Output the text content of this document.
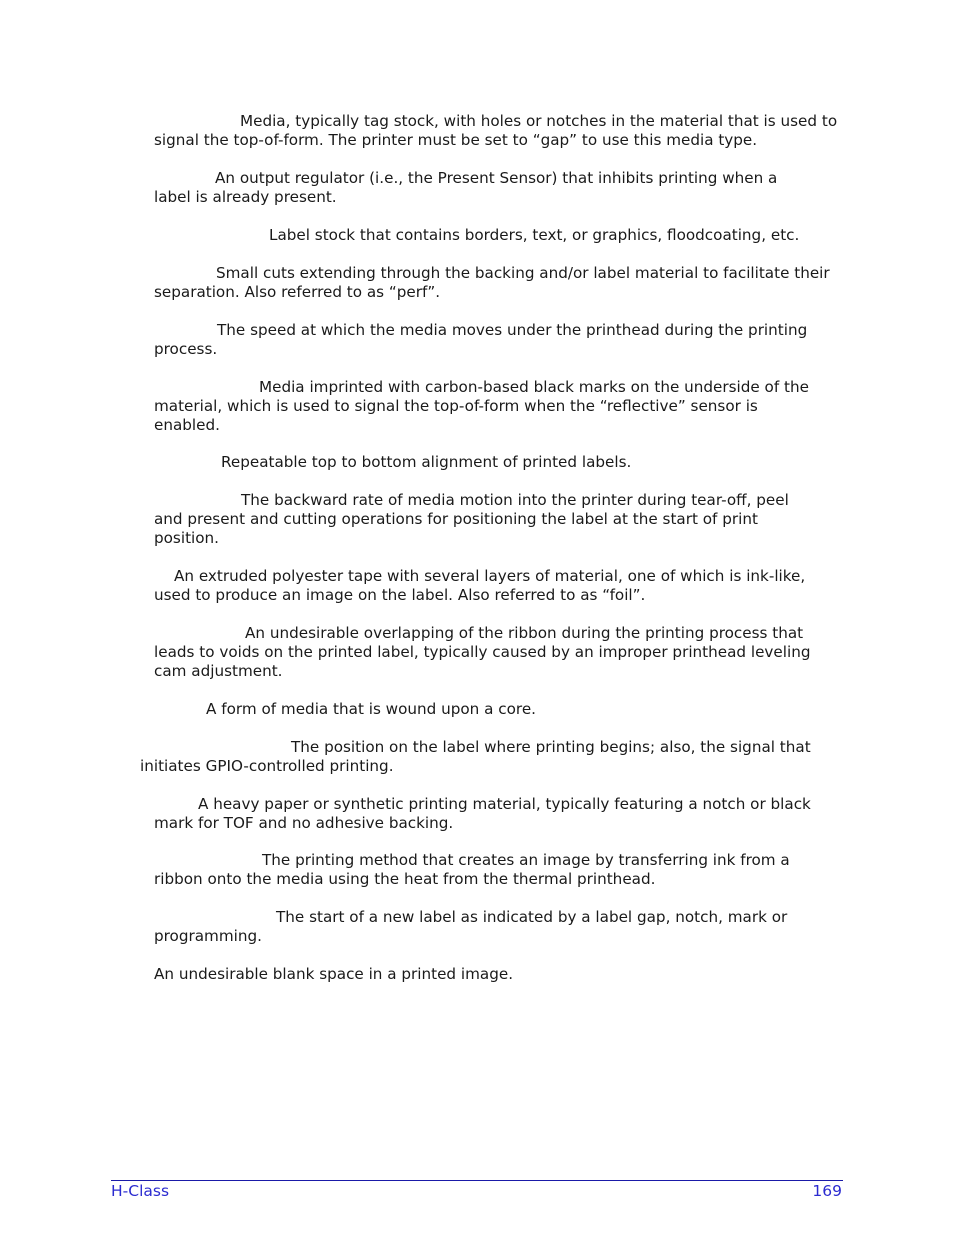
Media, typically tag stock, with holes or notches in the material that is used to signal the top-of-form. The printer must be set to “gap” to use this media type.

An output regulator (i.e., the Present Sensor) that inhibits printing when a label is already present.

Label stock that contains borders, text, or graphics, floodcoating, etc.

Small cuts extending through the backing and/or label material to facilitate their separation. Also referred to as “perf”.

The speed at which the media moves under the printhead during the printing process.

Media imprinted with carbon-based black marks on the underside of the material, which is used to signal the top-of-form when the “reflective” sensor is enabled.

Repeatable top to bottom alignment of printed labels.

The backward rate of media motion into the printer during tear-off, peel and present and cutting operations for positioning the label at the start of print position.

An extruded polyester tape with several layers of material, one of which is ink-like, used to produce an image on the label. Also referred to as “foil”.

An undesirable overlapping of the ribbon during the printing process that leads to voids on the printed label, typically caused by an improper printhead leveling cam adjustment.

A form of media that is wound upon a core.

The position on the label where printing begins; also, the signal that initiates GPIO-controlled printing.

A heavy paper or synthetic printing material, typically featuring a notch or black mark for TOF and no adhesive backing.

The printing method that creates an image by transferring ink from a ribbon onto the media using the heat from the thermal printhead.

The start of a new label as indicated by a label gap, notch, mark or programming.

An undesirable blank space in a printed image.

H-Class	169
